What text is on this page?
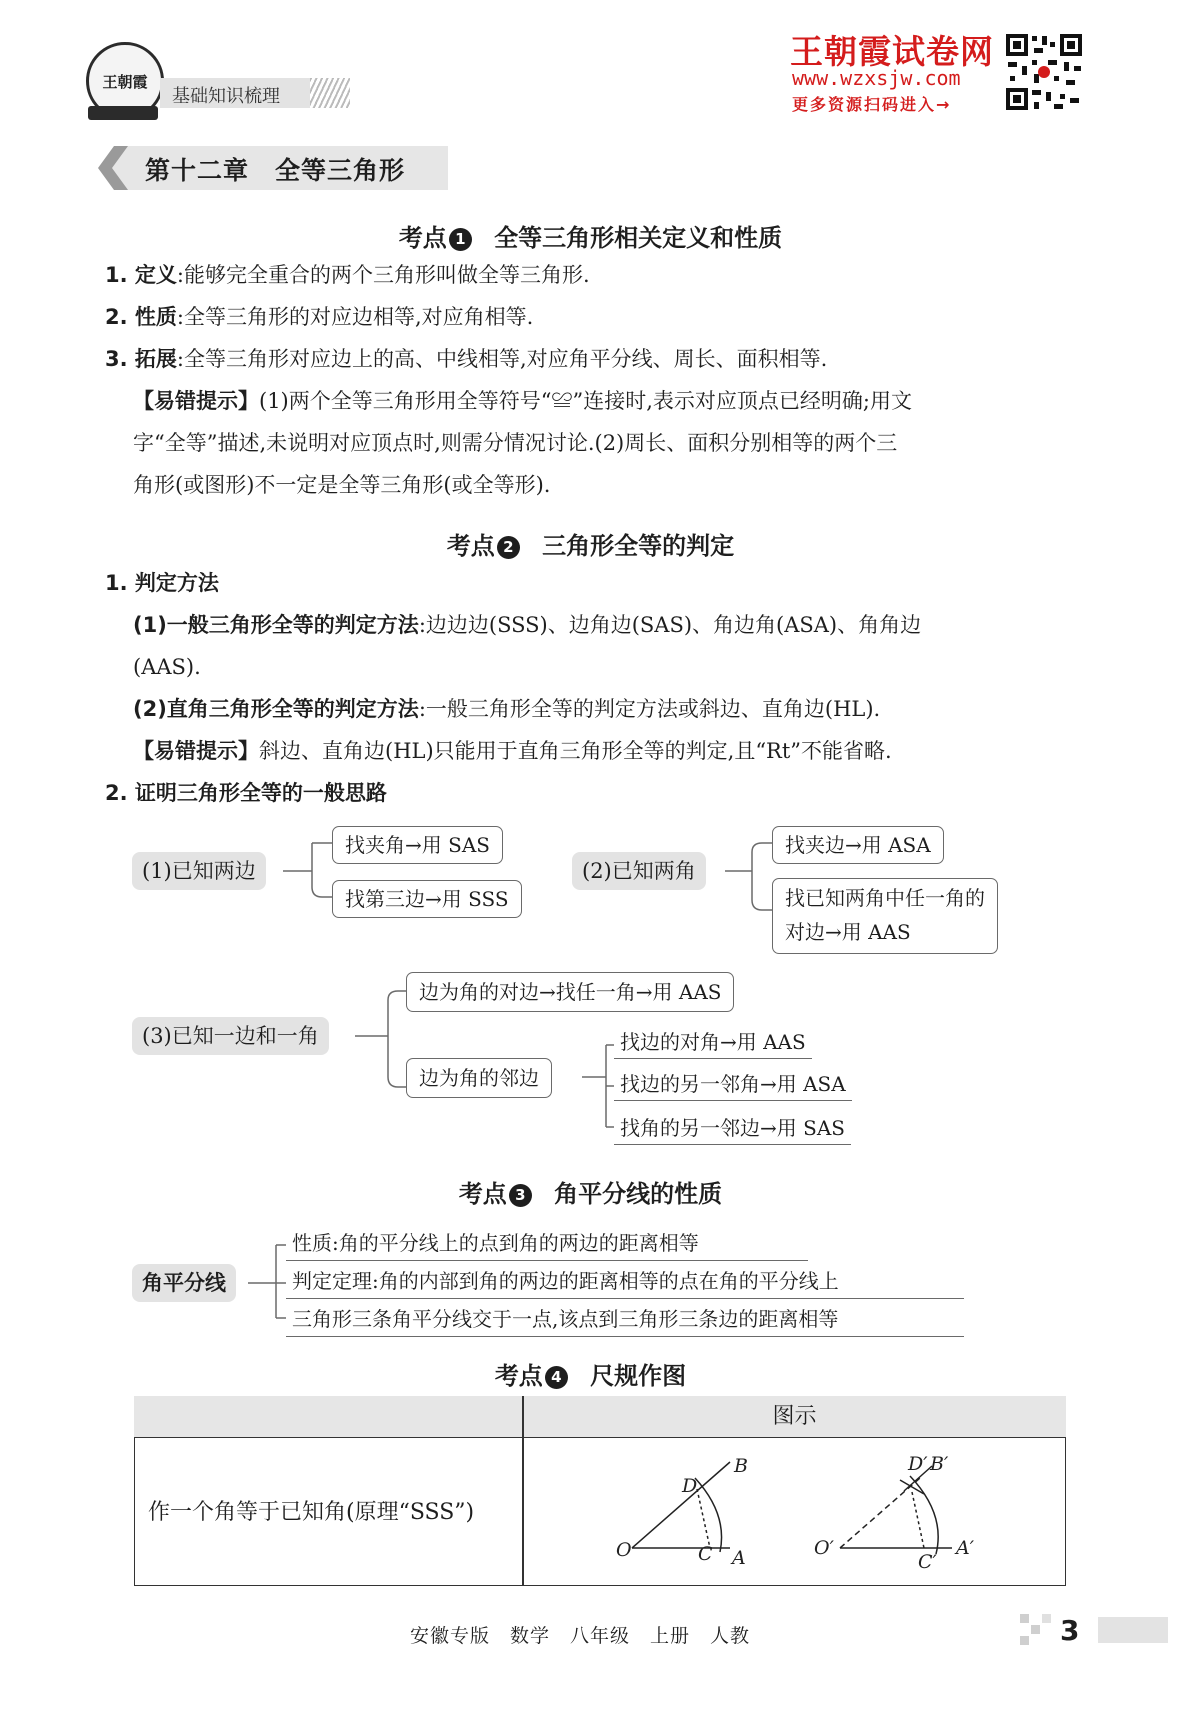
王朝霞
基础知识梳理
王朝霞试卷网
www.wzxsjw.com
更多资源扫码进入→
第十二章　全等三角形
考点 1 全等三角形相关定义和性质
1. 定义:能够完全重合的两个三角形叫做全等三角形.
2. 性质:全等三角形的对应边相等,对应角相等.
3. 拓展:全等三角形对应边上的高、中线相等,对应角平分线、周长、面积相等.
【易错提示】(1)两个全等三角形用全等符号“≌”连接时,表示对应顶点已经明确;用文
字“全等”描述,未说明对应顶点时,则需分情况讨论.(2)周长、面积分别相等的两个三
角形(或图形)不一定是全等三角形(或全等形).
考点 2 三角形全等的判定
1. 判定方法
(1)一般三角形全等的判定方法:边边边(SSS)、边角边(SAS)、角边角(ASA)、角角边
(AAS).
(2)直角三角形全等的判定方法:一般三角形全等的判定方法或斜边、直角边(HL).
【易错提示】斜边、直角边(HL)只能用于直角三角形全等的判定,且“Rt”不能省略.
2. 证明三角形全等的一般思路
(1)已知两边
找夹角→用 SAS
找第三边→用 SSS
(2)已知两角
找夹边→用 ASA
找已知两角中任一角的
对边→用 AAS
(3)已知一边和一角
边为角的对边→找任一角→用 AAS
边为角的邻边
找边的对角→用 AAS
找边的另一邻角→用 ASA
找角的另一邻边→用 SAS
考点 3 角平分线的性质
角平分线
性质:角的平分线上的点到角的两边的距离相等
判定定理:角的内部到角的两边的距离相等的点在角的平分线上
三角形三条角平分线交于一点,该点到三角形三条边的距离相等
考点 4 尺规作图
图示
作一个角等于已知角(原理“SSS”)
O	A
B
C
D
O′	A′
B′
C′
D′
安徽专版　数学　八年级　上册　人教	3
